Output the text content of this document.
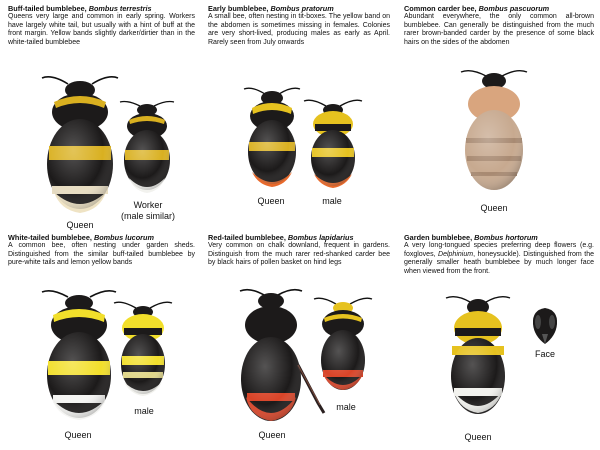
Buff-tailed bumblebee, Bombus terrestris
Queens very large and common in early spring. Workers have largely white tail, but usually with a hint of buff at the front margin. Yellow bands slightly darker/dirtier than in the white-tailed bumblebee
Queen
Worker
(male similar)
Early bumblebee, Bombus pratorum
A small bee, often nesting in tit-boxes. The yellow band on the abdomen is sometimes missing in females. Colonies are very short-lived, producing males as early as April. Rarely seen from July onwards
Queen	male
Common carder bee, Bombus pascuorum
Abundant everywhere, the only common all-brown bumblebee. Can generally be distinguished from the much rarer brown-banded carder by the presence of some black hairs on the sides of the abdomen
Queen
White-tailed bumblebee, Bombus lucorum
A common bee, often nesting under garden sheds. Distinguished from the similar buff-tailed bumblebee by pure-white tails and lemon yellow bands
Queen
male
Red-tailed bumblebee, Bombus lapidarius
Very common on chalk downland, frequent in gardens. Distinguish from the much rarer red-shanked carder bee by black hairs of pollen basket on hind legs
Queen
male
Garden bumblebee, Bombus hortorum
A very long-tongued species preferring deep flowers (e.g. foxgloves, Delphinium, honeysuckle). Distinguished from the generally smaller heath bumblebee by much longer face when viewed from the front.
Queen
Face
